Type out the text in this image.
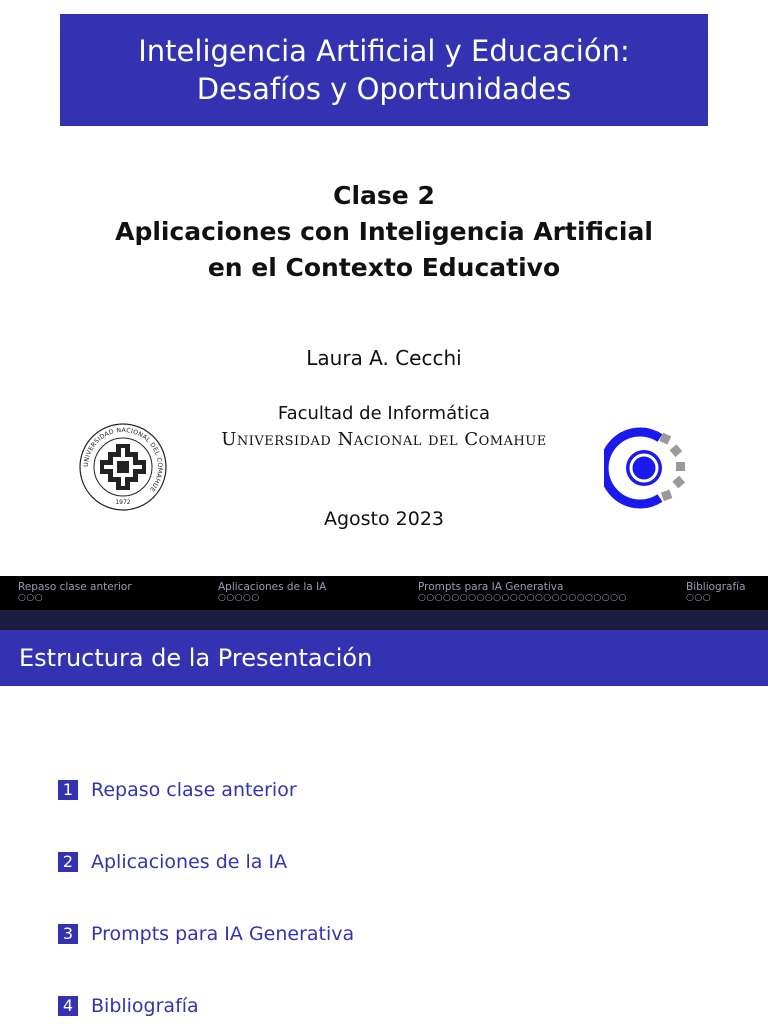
Inteligencia Artificial y Educación:
Desafíos y Oportunidades
Clase 2
Aplicaciones con Inteligencia Artificial
en el Contexto Educativo
Laura A. Cecchi
Facultad de Informática
Universidad Nacional del Comahue
UNIVERSIDAD NACIONAL DEL COMAHUE
1972
Agosto 2023
Repaso clase anterior
○○○
Aplicaciones de la IA
○○○○○
Prompts para IA Generativa
○○○○○○○○○○○○○○○○○○○○○○○○○
Bibliografía
○○○
Estructura de la Presentación
1 Repaso clase anterior
2 Aplicaciones de la IA
3 Prompts para IA Generativa
4 Bibliografía
